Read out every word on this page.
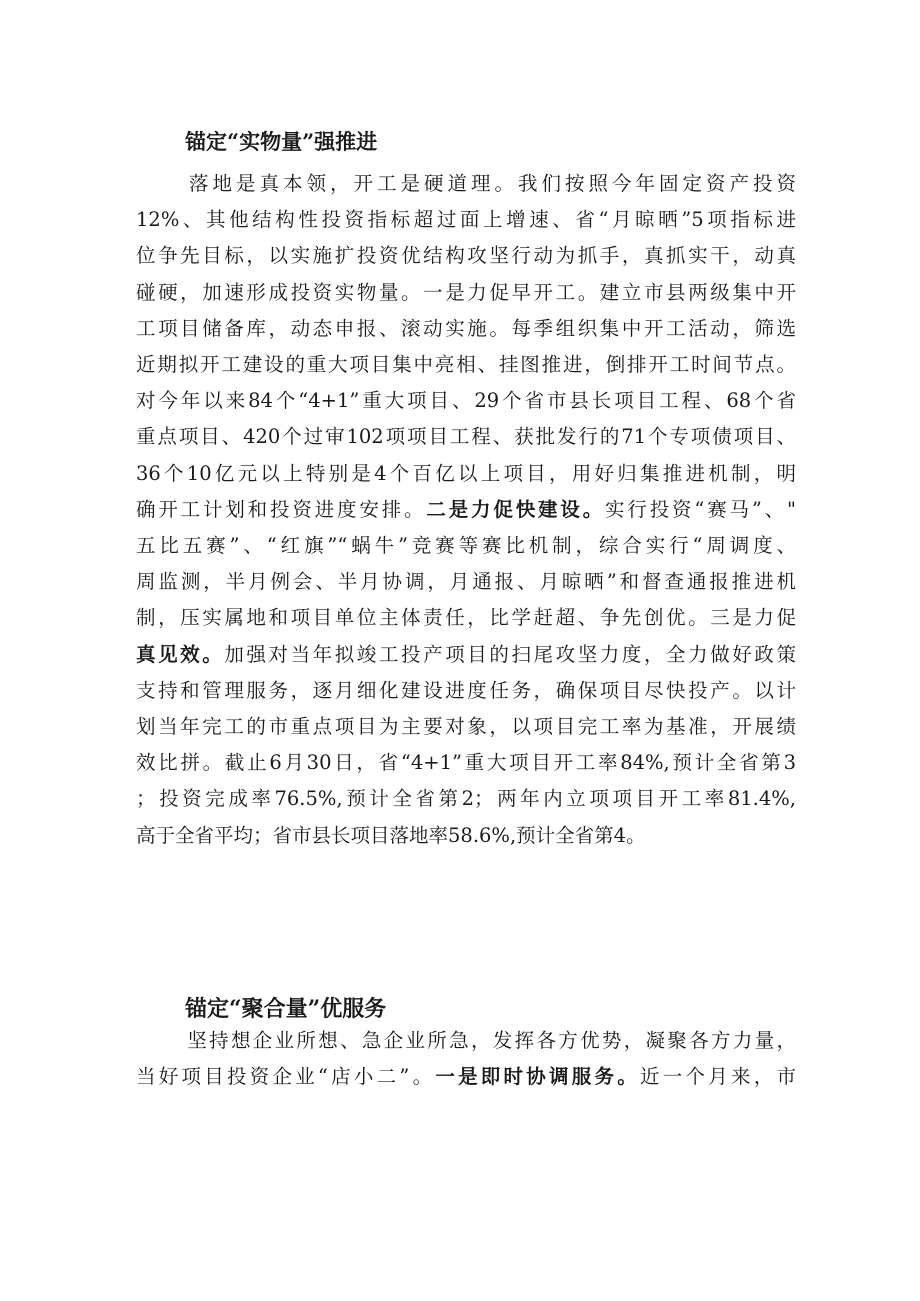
锚定“实物量”强推进
落地是真本领，开工是硬道理。我们按照今年固定资产投资
12%、其他结构性投资指标超过面上增速、省“月晾晒”5项指标进
位争先目标，以实施扩投资优结构攻坚行动为抓手，真抓实干，动真
碰硬，加速形成投资实物量。一是力促早开工。建立市县两级集中开
工项目储备库，动态申报、滚动实施。每季组织集中开工活动，筛选
近期拟开工建设的重大项目集中亮相、挂图推进，倒排开工时间节点。
对今年以来84个“4+1”重大项目、29个省市县长项目工程、68个省
重点项目、420个过审102项项目工程、获批发行的71个专项债项目、
36个10亿元以上特别是4个百亿以上项目，用好归集推进机制，明
确开工计划和投资进度安排。二是力促快建设。实行投资“赛马”、"
五比五赛”、“红旗”“蜗牛”竞赛等赛比机制，综合实行“周调度、
周监测，半月例会、半月协调，月通报、月晾晒”和督查通报推进机
制，压实属地和项目单位主体责任，比学赶超、争先创优。三是力促
真见效。加强对当年拟竣工投产项目的扫尾攻坚力度，全力做好政策
支持和管理服务，逐月细化建设进度任务，确保项目尽快投产。以计
划当年完工的市重点项目为主要对象，以项目完工率为基准，开展绩
效比拼。截止6月30日，省“4+1”重大项目开工率84%,预计全省第3
；投资完成率76.5%,预计全省第2；两年内立项项目开工率81.4%,
高于全省平均；省市县长项目落地率58.6%,预计全省第4。
锚定“聚合量”优服务
坚持想企业所想、急企业所急，发挥各方优势，凝聚各方力量，
当好项目投资企业“店小二”。一是即时协调服务。近一个月来，市
